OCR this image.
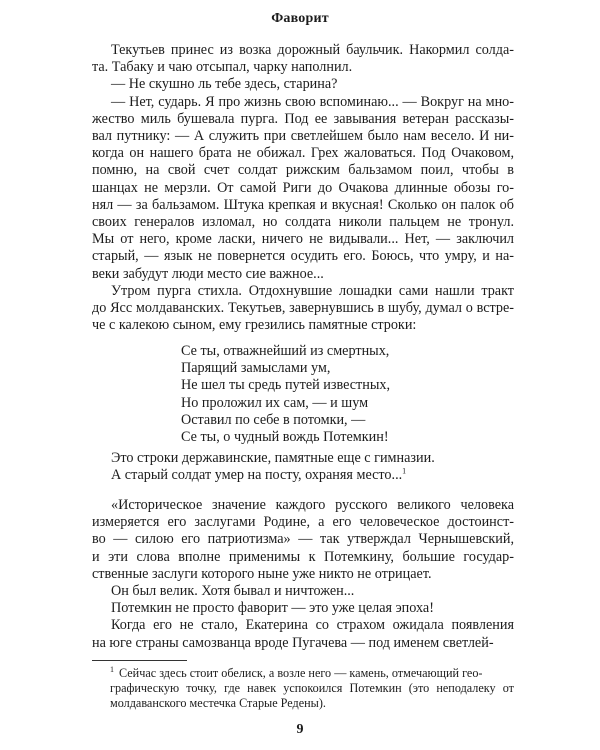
Фаворит

Текутьев принес из возка дорожный баульчик. Накормил солда-
та. Табаку и чаю отсыпал, чарку наполнил.

— Не скушно ль тебе здесь, старина?

— Нет, сударь. Я про жизнь свою вспоминаю... — Вокруг на мно-
жество миль бушевала пурга. Под ее завывания ветеран рассказы-
вал путнику: — А служить при светлейшем было нам весело. И ни-
когда он нашего брата не обижал. Грех жаловаться. Под Очаковом,
помню, на свой счет солдат рижским бальзамом поил, чтобы в
шанцах не мерзли. От самой Риги до Очакова длинные обозы го-
нял — за бальзамом. Штука крепкая и вкусная! Сколько он палок об
своих генералов изломал, но солдата николи пальцем не тронул.
Мы от него, кроме ласки, ничего не видывали... Нет, — заключил
старый, — язык не повернется осудить его. Боюсь, что умру, и на-
веки забудут люди место сие важное...

Утром пурга стихла. Отдохнувшие лошадки сами нашли тракт
до Ясс молдаванских. Текутьев, завернувшись в шубу, думал о встре-
че с калекою сыном, ему грезились памятные строки:

Се ты, отважнейший из смертных,
Парящий замыслами ум,
Не шел ты средь путей известных,
Но проложил их сам, — и шум
Оставил по себе в потомки, —
Се ты, о чудный вождь Потемкин!

Это строки державинские, памятные еще с гимназии.

А старый солдат умер на посту, охраняя место...$^1$

«Историческое значение каждого русского великого человека
измеряется его заслугами Родине, а его человеческое достоинст-
во — силою его патриотизма» — так утверждал Чернышевский,
и эти слова вполне применимы к Потемкину, большие государ-
ственные заслуги которого ныне уже никто не отрицает.

Он был велик. Хотя бывал и ничтожен...

Потемкин не просто фаворит — это уже целая эпоха!

Когда его не стало, Екатерина со страхом ожидала появления
на юге страны самозванца вроде Пугачева — под именем светлей-

$^1$ Сейчас здесь стоит обелиск, а возле него — камень, отмечающий гео-
графическую точку, где навек успокоился Потемкин (это неподалеку от
молдаванского местечка Старые Редены).

9
